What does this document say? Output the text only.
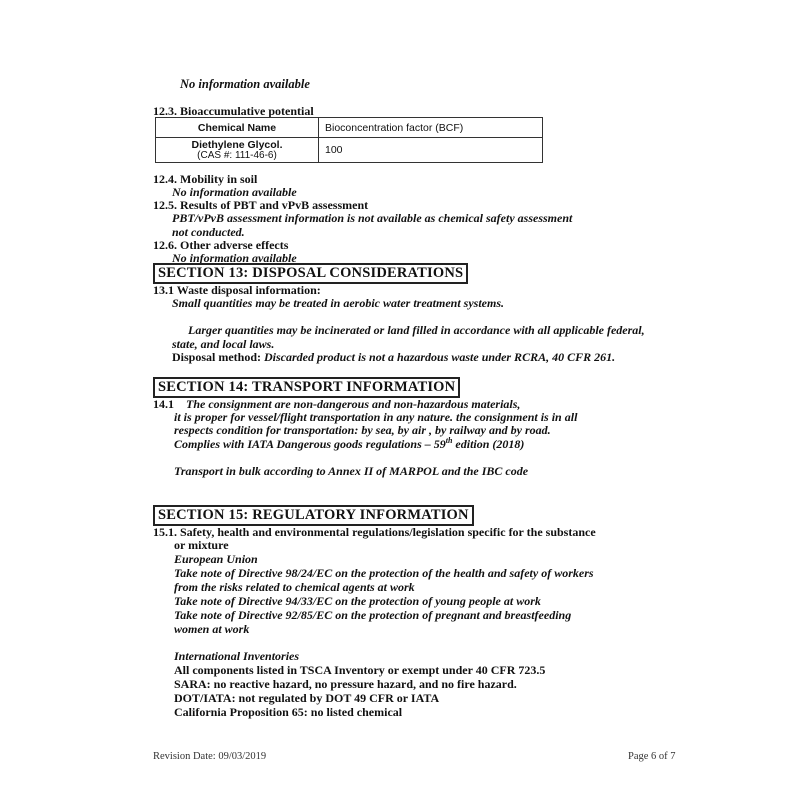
No information available
12.3. Bioaccumulative potential
Chemical Name	Bioconcentration factor (BCF)
Diethylene Glycol.
(CAS #: 111-46-6)	100
12.4. Mobility in soil
No information available
12.5. Results of PBT and vPvB assessment
PBT/vPvB assessment information is not available as chemical safety assessment
not conducted.
12.6. Other adverse effects
No information available
SECTION 13: DISPOSAL CONSIDERATIONS
13.1 Waste disposal information:
Small quantities may be treated in aerobic water treatment systems.
Larger quantities may be incinerated or land filled in accordance with all applicable federal,
state, and local laws.
Disposal method: Discarded product is not a hazardous waste under RCRA, 40 CFR 261.
SECTION 14: TRANSPORT INFORMATION
14.1 The consignment are non-dangerous and non-hazardous materials,
it is proper for vessel/flight transportation in any nature. the consignment is in all
respects condition for transportation: by sea, by air , by railway and by road.
Complies with IATA Dangerous goods regulations – 59th edition (2018)
Transport in bulk according to Annex II of MARPOL and the IBC code
SECTION 15: REGULATORY INFORMATION
15.1. Safety, health and environmental regulations/legislation specific for the substance
or mixture
European Union
Take note of Directive 98/24/EC on the protection of the health and safety of workers
from the risks related to chemical agents at work
Take note of Directive 94/33/EC on the protection of young people at work
Take note of Directive 92/85/EC on the protection of pregnant and breastfeeding
women at work
International Inventories
All components listed in TSCA Inventory or exempt under 40 CFR 723.5
SARA: no reactive hazard, no pressure hazard, and no fire hazard.
DOT/IATA: not regulated by DOT 49 CFR or IATA
California Proposition 65: no listed chemical
Revision Date: 09/03/2019	Page 6 of 7
